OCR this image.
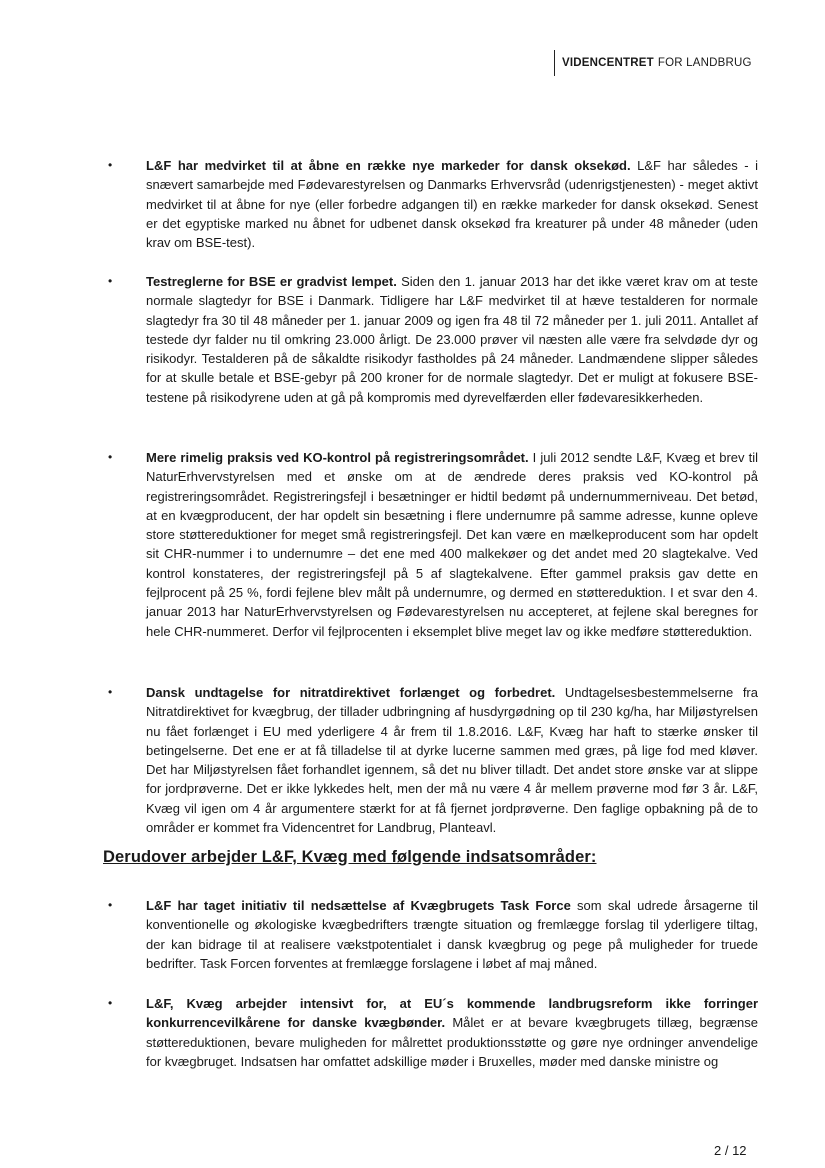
VIDENCENTRET FOR LANDBRUG
•	L&F har medvirket til at åbne en række nye markeder for dansk oksekød. L&F har således - i snævert samarbejde med Fødevarestyrelsen og Danmarks Erhvervsråd (udenrigstjenesten) - meget aktivt medvirket til at åbne for nye (eller forbedre adgangen til) en række markeder for dansk oksekød. Senest er det egyptiske marked nu åbnet for udbenet dansk oksekød fra kreaturer på under 48 måneder (uden krav om BSE-test).
•	Testreglerne for BSE er gradvist lempet. Siden den 1. januar 2013 har det ikke været krav om at teste normale slagtedyr for BSE i Danmark. Tidligere har L&F medvirket til at hæve testalderen for normale slagtedyr fra 30 til 48 måneder per 1. januar 2009 og igen fra 48 til 72 måneder per 1. juli 2011. Antallet af testede dyr falder nu til omkring 23.000 årligt. De 23.000 prøver vil næsten alle være fra selvdøde dyr og risikodyr. Testalderen på de såkaldte risikodyr fastholdes på 24 måneder. Landmændene slipper således for at skulle betale et BSE-gebyr på 200 kroner for de normale slagtedyr. Det er muligt at fokusere BSE-testene på risikodyrene uden at gå på kompromis med dyrevelfærden eller fødevaresikkerheden.
•	Mere rimelig praksis ved KO-kontrol på registreringsområdet. I juli 2012 sendte L&F, Kvæg et brev til NaturErhvervstyrelsen med et ønske om at de ændrede deres praksis ved KO-kontrol på registreringsområdet. Registreringsfejl i besætninger er hidtil bedømt på undernummerniveau. Det betød, at en kvægproducent, der har opdelt sin besætning i flere undernumre på samme adresse, kunne opleve store støttereduktioner for meget små registreringsfejl. Det kan være en mælkeproducent som har opdelt sit CHR-nummer i to undernumre – det ene med 400 malkekøer og det andet med 20 slagtekalve. Ved kontrol konstateres, der registreringsfejl på 5 af slagtekalvene. Efter gammel praksis gav dette en fejlprocent på 25 %, fordi fejlene blev målt på undernumre, og dermed en støttereduktion. I et svar den 4. januar 2013 har NaturErhvervstyrelsen og Fødevarestyrelsen nu accepteret, at fejlene skal beregnes for hele CHR-nummeret. Derfor vil fejlprocenten i eksemplet blive meget lav og ikke medføre støttereduktion.
•	Dansk undtagelse for nitratdirektivet forlænget og forbedret. Undtagelsesbestemmelserne fra Nitratdirektivet for kvægbrug, der tillader udbringning af husdyrgødning op til 230 kg/ha, har Miljøstyrelsen nu fået forlænget i EU med yderligere 4 år frem til 1.8.2016. L&F, Kvæg har haft to stærke ønsker til betingelserne. Det ene er at få tilladelse til at dyrke lucerne sammen med græs, på lige fod med kløver. Det har Miljøstyrelsen fået forhandlet igennem, så det nu bliver tilladt. Det andet store ønske var at slippe for jordprøverne. Det er ikke lykkedes helt, men der må nu være 4 år mellem prøverne mod før 3 år. L&F, Kvæg vil igen om 4 år argumentere stærkt for at få fjernet jordprøverne. Den faglige opbakning på de to områder er kommet fra Videncentret for Landbrug, Planteavl.
Derudover arbejder L&F, Kvæg med følgende indsatsområder:
•	L&F har taget initiativ til nedsættelse af Kvægbrugets Task Force som skal udrede årsagerne til konventionelle og økologiske kvægbedrifters trængte situation og fremlægge forslag til yderligere tiltag, der kan bidrage til at realisere vækstpotentialet i dansk kvægbrug og pege på muligheder for truede bedrifter. Task Forcen forventes at fremlægge forslagene i løbet af maj måned.
•	L&F, Kvæg arbejder intensivt for, at EU´s kommende landbrugsreform ikke forringer konkurrencevilkårene for danske kvægbønder. Målet er at bevare kvægbrugets tillæg, begrænse støttereduktionen, bevare muligheden for målrettet produktionsstøtte og gøre nye ordninger anvendelige for kvægbruget. Indsatsen har omfattet adskillige møder i Bruxelles, møder med danske ministre og
2 / 12
